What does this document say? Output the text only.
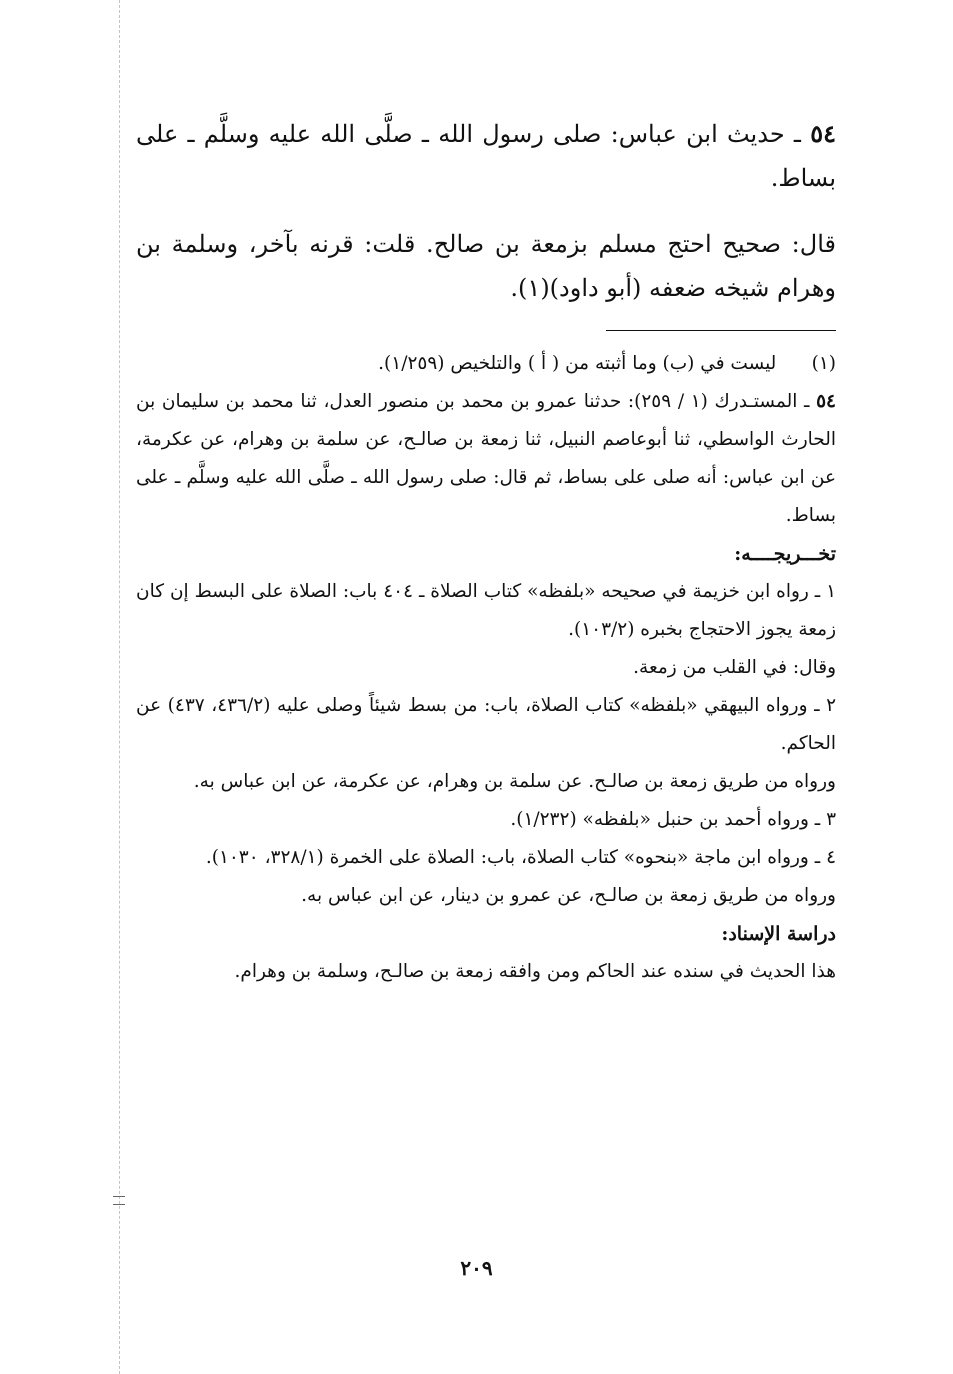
٥٤ ـ حديث ابن عباس: صلى رسول الله ـ صلَّى الله عليه وسلَّم ـ على بساط.

قال: صحيح احتج مسلم بزمعة بن صالح. قلت: قرنه بآخر، وسلمة بن وهرام شيخه ضعفه (أبو داود)(١).

(١)      ليست في (ب) وما أثبته من ( أ ) والتلخيص (١/٢٥٩).

٥٤ ـ المستـدرك (١ / ٢٥٩): حدثنا عمرو بن محمد بن منصور العدل، ثنا محمد بن سليمان بن الحارث الواسطي، ثنا أبوعاصم النبيل، ثنا زمعة بن صالـح، عن سلمة بن وهرام، عن عكرمة، عن ابن عباس: أنه صلى على بساط، ثم قال: صلى رسول الله ـ صلَّى الله عليه وسلَّم ـ على بساط.

تخـــريجــــه:

١ ـ رواه ابن خزيمة في صحيحه «بلفظه» كتاب الصلاة ـ ٤٠٤ باب: الصلاة على البسط إن كان زمعة يجوز الاحتجاج بخبره (١٠٣/٢).

وقال: في القلب من زمعة.

٢ ـ ورواه البيهقي «بلفظه» كتاب الصلاة، باب: من بسط شيئاً وصلى عليه (٤٣٦/٢، ٤٣٧) عن الحاكم.

ورواه من طريق زمعة بن صالـح. عن سلمة بن وهرام، عن عكرمة، عن ابن عباس به.

٣ ـ ورواه أحمد بن حنبل «بلفظه» (١/٢٣٢).

٤ ـ ورواه ابن ماجة «بنحوه» كتاب الصلاة، باب: الصلاة على الخمرة (٣٢٨/١، ١٠٣٠).

ورواه من طريق زمعة بن صالـح، عن عمرو بن دينار، عن ابن عباس به.

دراسة الإسناد:

هذا الحديث في سنده عند الحاكم ومن وافقه زمعة بن صالـح، وسلمة بن وهرام.

٢٠٩
